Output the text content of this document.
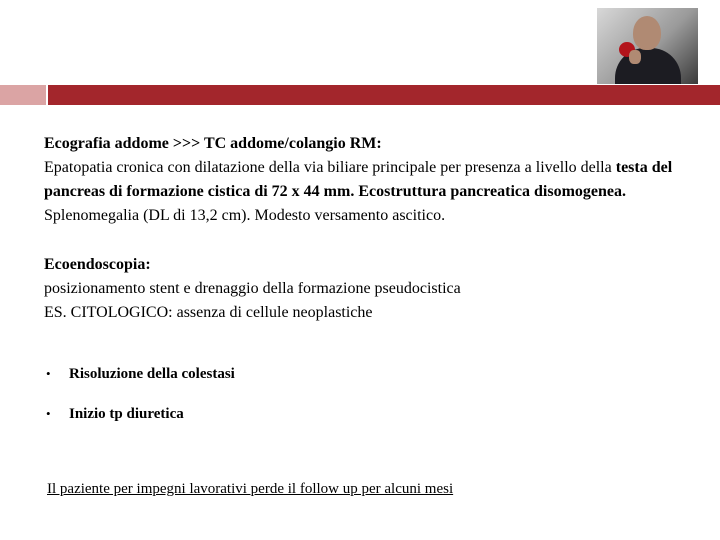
Ecografia addome >>> TC addome/colangio RM:
Epatopatia cronica con dilatazione della via biliare principale per presenza a livello della testa del pancreas di formazione cistica di 72 x 44 mm. Ecostruttura pancreatica disomogenea. Splenomegalia (DL di 13,2 cm). Modesto versamento ascitico.

Ecoendoscopia:
posizionamento stent e drenaggio della formazione pseudocistica
ES. CITOLOGICO: assenza di cellule neoplastiche

• Risoluzione della colestasi
• Inizio tp diuretica
Il paziente per impegni lavorativi perde il follow up per alcuni mesi
